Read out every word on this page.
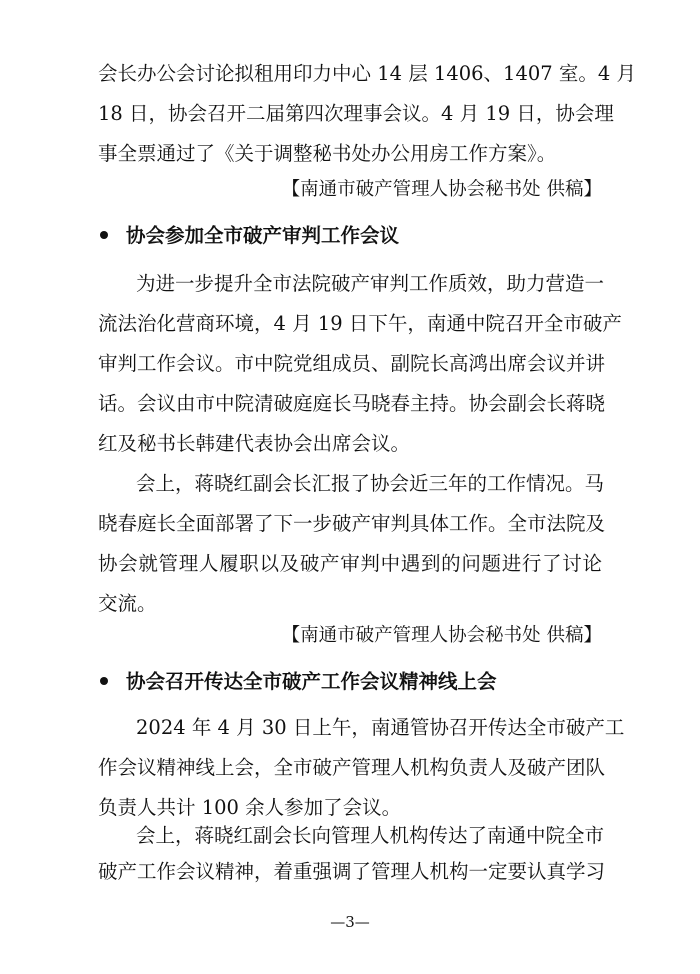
会长办公会讨论拟租用印力中心 14 层 1406、1407 室。4 月
18 日，协会召开二届第四次理事会议。4 月 19 日，协会理
事全票通过了《关于调整秘书处办公用房工作方案》。
【南通市破产管理人协会秘书处 供稿】
协会参加全市破产审判工作会议
为进一步提升全市法院破产审判工作质效，助力营造一
流法治化营商环境，4 月 19 日下午，南通中院召开全市破产
审判工作会议。市中院党组成员、副院长高鸿出席会议并讲
话。会议由市中院清破庭庭长马晓春主持。协会副会长蒋晓
红及秘书长韩建代表协会出席会议。
会上，蒋晓红副会长汇报了协会近三年的工作情况。马
晓春庭长全面部署了下一步破产审判具体工作。全市法院及
协会就管理人履职以及破产审判中遇到的问题进行了讨论
交流。
【南通市破产管理人协会秘书处 供稿】
协会召开传达全市破产工作会议精神线上会
2024 年 4 月 30 日上午，南通管协召开传达全市破产工
作会议精神线上会，全市破产管理人机构负责人及破产团队
负责人共计 100 余人参加了会议。
会上，蒋晓红副会长向管理人机构传达了南通中院全市
破产工作会议精神，着重强调了管理人机构一定要认真学习
—3—
